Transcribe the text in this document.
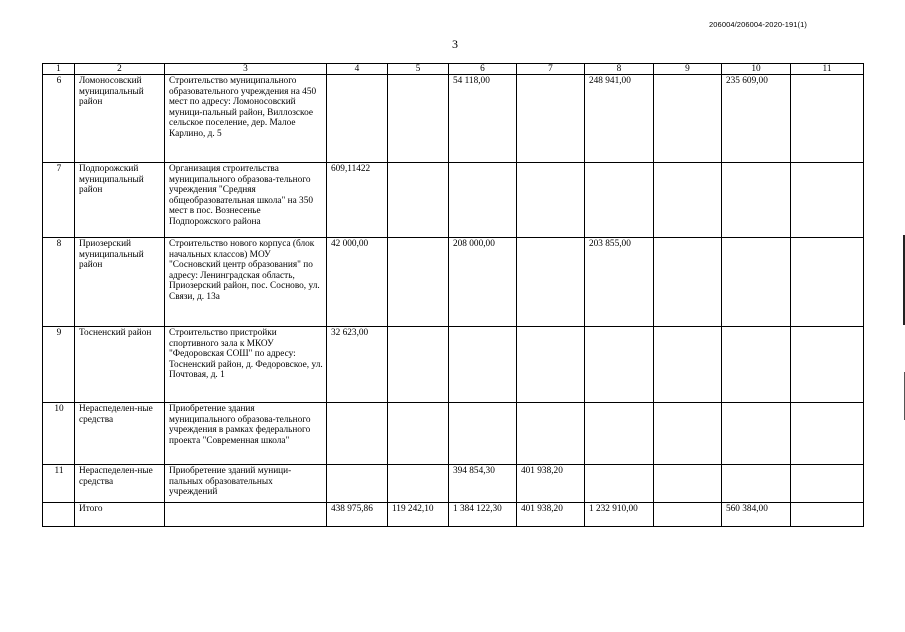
206004/206004-2020-191(1)
3
1	2	3	4	5	6	7	8	9	10	11
6	Ломоносовский муниципальный район	Строительство муниципального образовательного учреждения на 450 мест по адресу: Ломоносовский муници-пальный район, Виллозское сельское поселение, дер. Малое Карлино, д. 5			54 118,00		248 941,00		235 609,00	
7	Подпорожский муниципальный район	Организация строительства муниципального образова-тельного учреждения "Средняя общеобразовательная школа" на 350 мест в пос. Вознесенье Подпорожского района	609,11422							
8	Приозерский муниципальный район	Строительство нового корпуса (блок начальных классов) МОУ "Сосновский центр образования" по адресу: Ленинградская область, Приозерский район, пос. Сосново, ул. Связи, д. 13а	42 000,00		208 000,00		203 855,00			
9	Тосненский район	Строительство пристройки спортивного зала к МКОУ "Федоровская СОШ" по адресу: Тосненский район, д. Федоровское, ул. Почтовая, д. 1	32 623,00							
10	Нераспеделен-ные средства	Приобретение здания муниципального образова-тельного учреждения в рамках федерального проекта "Современная школа"								
11	Нераспеделен-ные средства	Приобретение зданий муници-пальных образовательных учреждений			394 854,30	401 938,20				
	Итого		438 975,86	119 242,10	1 384 122,30	401 938,20	1 232 910,00		560 384,00	
